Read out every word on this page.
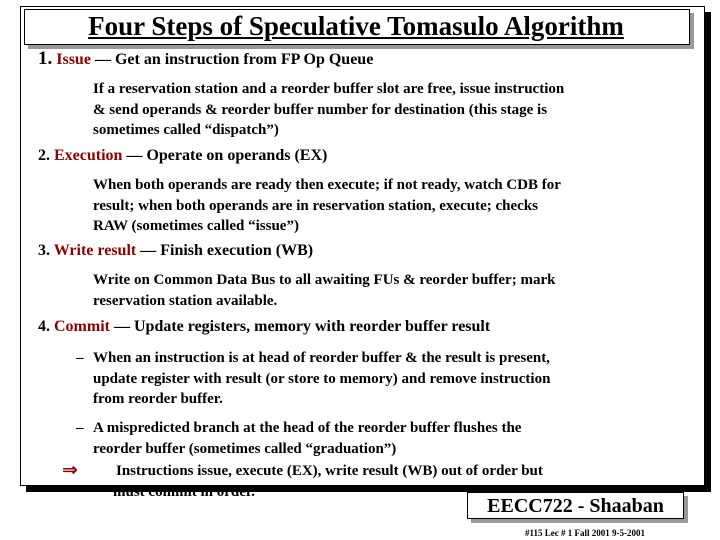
Four Steps of Speculative Tomasulo Algorithm
1. Issue — Get an instruction from FP Op Queue
If a reservation station and a reorder buffer slot are free, issue instruction
& send operands & reorder buffer number for destination (this stage is
sometimes called “dispatch”)
2. Execution — Operate on operands (EX)
When both operands are ready then execute; if not ready, watch CDB for
result; when both operands are in reservation station, execute; checks
RAW (sometimes called “issue”)
3. Write result — Finish execution (WB)
Write on Common Data Bus to all awaiting FUs & reorder buffer; mark
reservation station available.
4. Commit — Update registers, memory with reorder buffer result
– When an instruction is at head of reorder buffer & the result is present,
update register with result (or store to memory) and remove instruction
from reorder buffer.
– A mispredicted branch at the head of the reorder buffer flushes the
reorder buffer (sometimes called “graduation”)
⇒	Instructions issue, execute (EX), write result (WB) out of order but
must commit in order.
EECC722 - Shaaban
#115 Lec # 1 Fall 2001 9-5-2001
